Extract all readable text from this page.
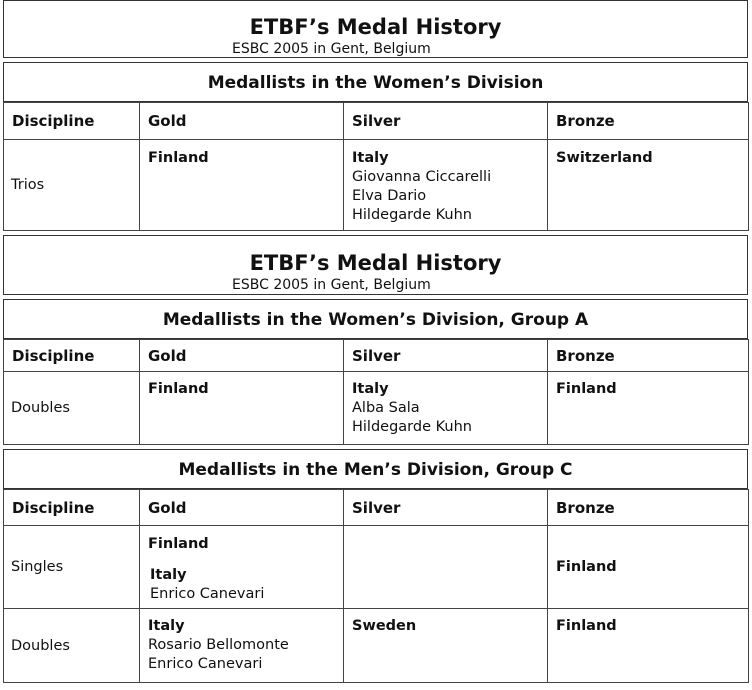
ETBF’s Medal History
ESBC 2005 in Gent, Belgium
Medallists in the Women’s Division
Discipline	Gold	Silver	Bronze
Trios	Finland	Italy
Giovanna Ciccarelli
Elva Dario
Hildegarde Kuhn	Switzerland
ETBF’s Medal History
ESBC 2005 in Gent, Belgium
Medallists in the Women’s Division, Group A
Discipline	Gold	Silver	Bronze
Doubles	Finland	Italy
Alba Sala
Hildegarde Kuhn	Finland
Medallists in the Men’s Division, Group C
Discipline	Gold	Silver	Bronze
Singles	Finland
Italy
Enrico Canevari		Finland

Doubles	Italy
Rosario Bellomonte
Enrico Canevari	Sweden	Finland
